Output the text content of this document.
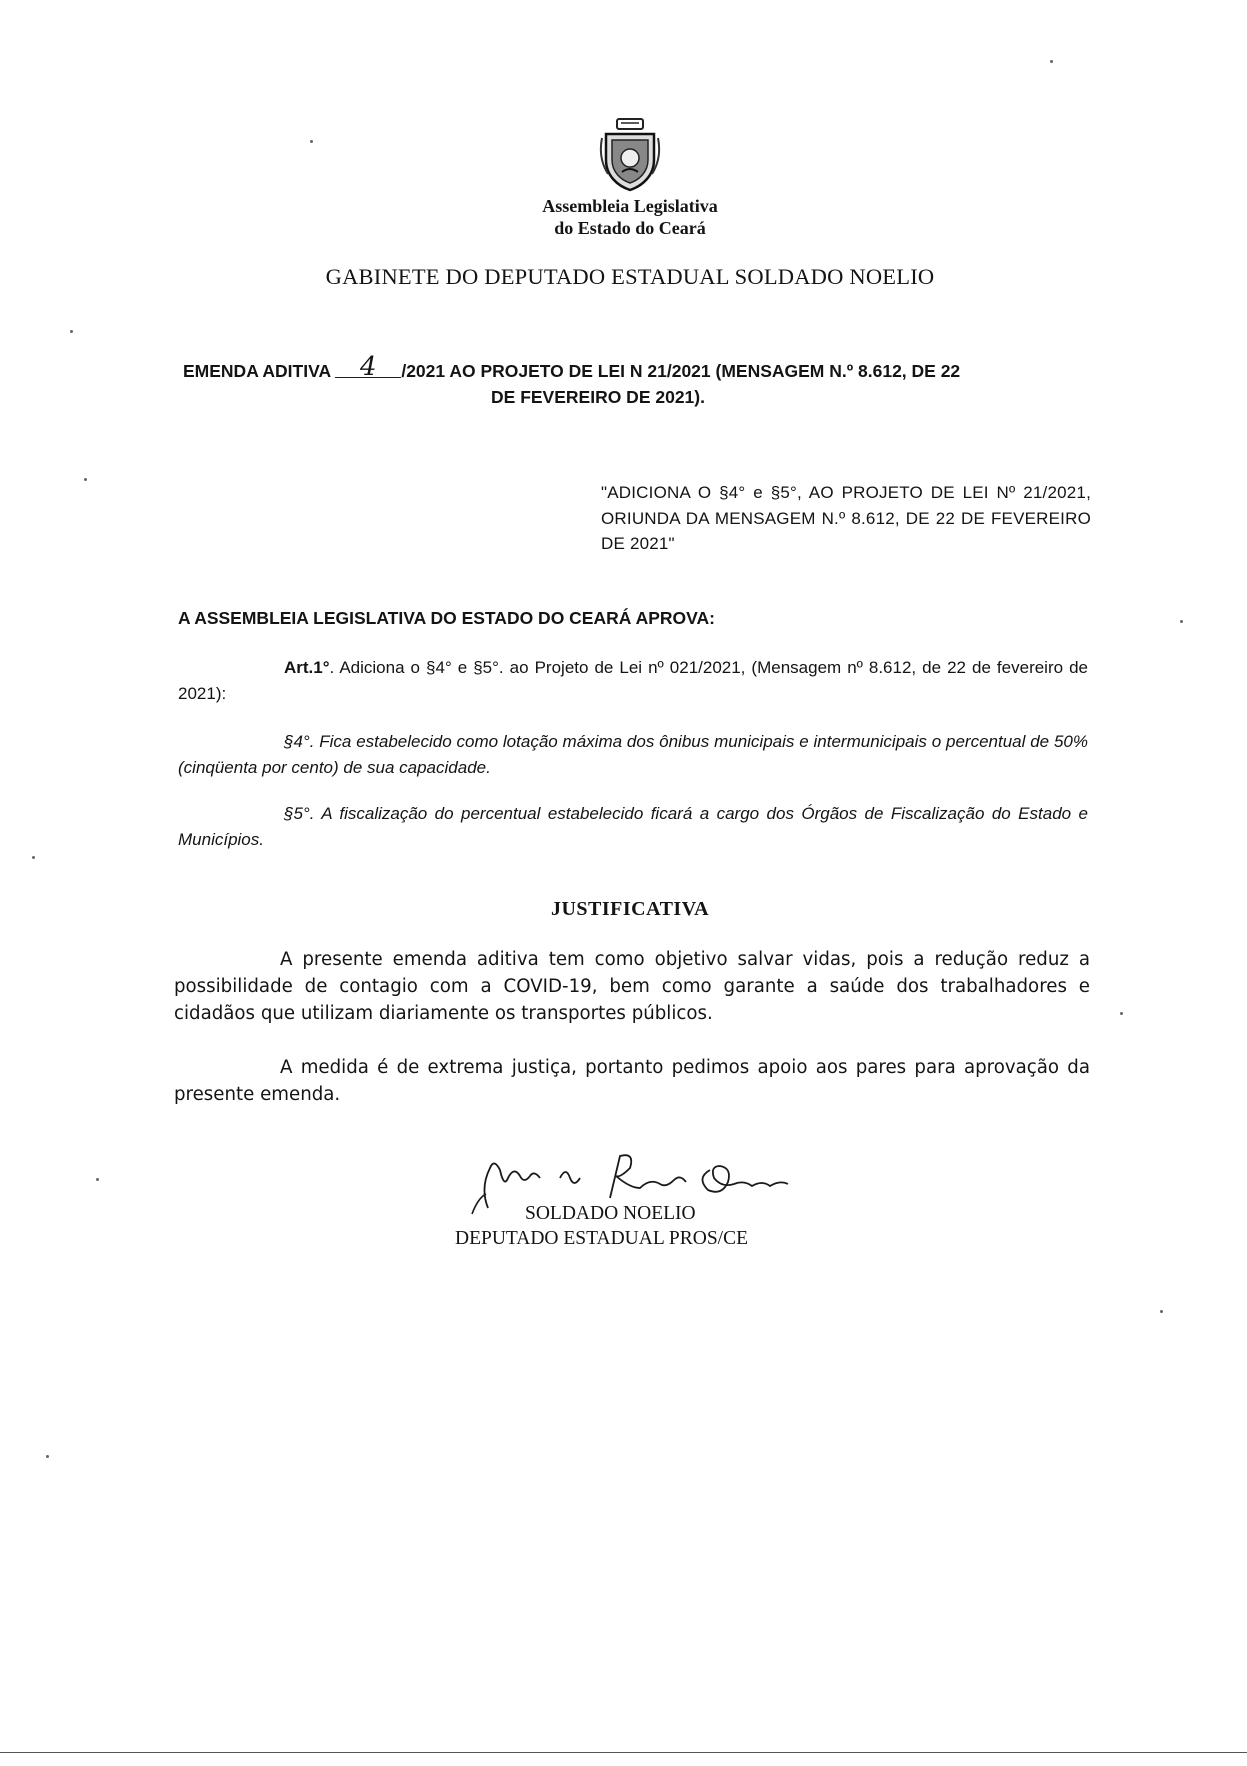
Assembleia Legislativa
do Estado do Ceará
GABINETE DO DEPUTADO ESTADUAL SOLDADO NOELIO
EMENDA ADITIVA 4 /2021 AO PROJETO DE LEI N 21/2021 (MENSAGEM N.º 8.612, DE 22
DE FEVEREIRO DE 2021).
"ADICIONA O §4° e §5°, AO PROJETO DE LEI Nº 21/2021, ORIUNDA DA MENSAGEM N.º 8.612, DE 22 DE FEVEREIRO DE 2021"
A ASSEMBLEIA LEGISLATIVA DO ESTADO DO CEARÁ APROVA:
Art.1°. Adiciona o §4° e §5°. ao Projeto de Lei nº 021/2021, (Mensagem nº 8.612, de 22 de fevereiro de 2021):
§4°. Fica estabelecido como lotação máxima dos ônibus municipais e intermunicipais o percentual de 50%(cinqüenta por cento) de sua capacidade.
§5°. A fiscalização do percentual estabelecido ficará a cargo dos Órgãos de Fiscalização do Estado e Municípios.
JUSTIFICATIVA
A presente emenda aditiva tem como objetivo salvar vidas, pois a redução reduz a possibilidade de contagio com a COVID-19, bem como garante a saúde dos trabalhadores e cidadãos que utilizam diariamente os transportes públicos.
A medida é de extrema justiça, portanto pedimos apoio aos pares para aprovação da presente emenda.
SOLDADO NOELIO
DEPUTADO ESTADUAL PROS/CE
